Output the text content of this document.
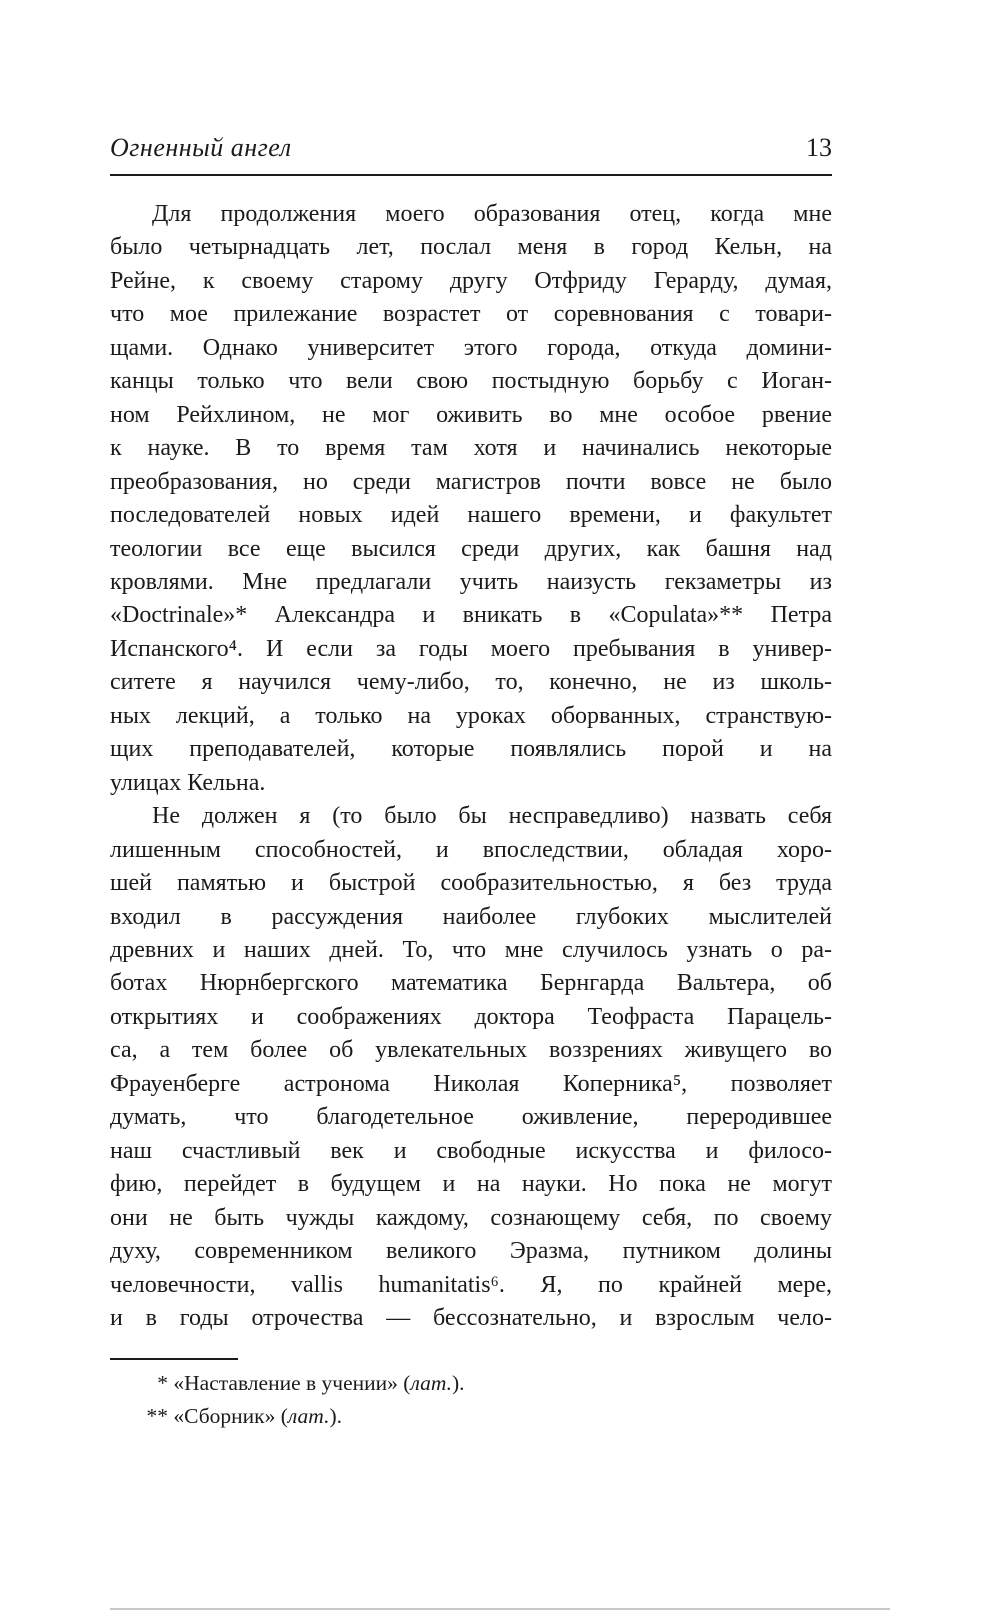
Огненный ангел	13
Для продолжения моего образования отец, когда мне
было четырнадцать лет, послал меня в город Кельн, на
Рейне, к своему старому другу Отфриду Герарду, думая,
что мое прилежание возрастет от соревнования с товари-
щами. Однако университет этого города, откуда домини-
канцы только что вели свою постыдную борьбу с Иоган-
ном Рейхлином, не мог оживить во мне особое рвение
к науке. В то время там хотя и начинались некоторые
преобразования, но среди магистров почти вовсе не было
последователей новых идей нашего времени, и факультет
теологии все еще высился среди других, как башня над
кровлями. Мне предлагали учить наизусть гекзаметры из
«Doctrinale»* Александра и вникать в «Copulata»** Петра
Испанского⁴. И если за годы моего пребывания в универ-
ситете я научился чему-либо, то, конечно, не из школь-
ных лекций, а только на уроках оборванных, странствую-
щих преподавателей, которые появлялись порой и на
улицах Кельна.
Не должен я (то было бы несправедливо) назвать себя
лишенным способностей, и впоследствии, обладая хоро-
шей памятью и быстрой сообразительностью, я без труда
входил в рассуждения наиболее глубоких мыслителей
древних и наших дней. То, что мне случилось узнать о ра-
ботах Нюрнбергского математика Бернгарда Вальтера, об
открытиях и соображениях доктора Теофраста Парацель-
са, а тем более об увлекательных воззрениях живущего во
Фрауенберге астронома Николая Коперника⁵, позволяет
думать, что благодетельное оживление, переродившее
наш счастливый век и свободные искусства и филосо-
фию, перейдет в будущем и на науки. Но пока не могут
они не быть чужды каждому, сознающему себя, по своему
духу, современником великого Эразма, путником долины
человечности, vallis humanitatis⁶. Я, по крайней мере,
и в годы отрочества — бессознательно, и взрослым чело-
* «Наставление в учении» (лат.).
** «Сборник» (лат.).
